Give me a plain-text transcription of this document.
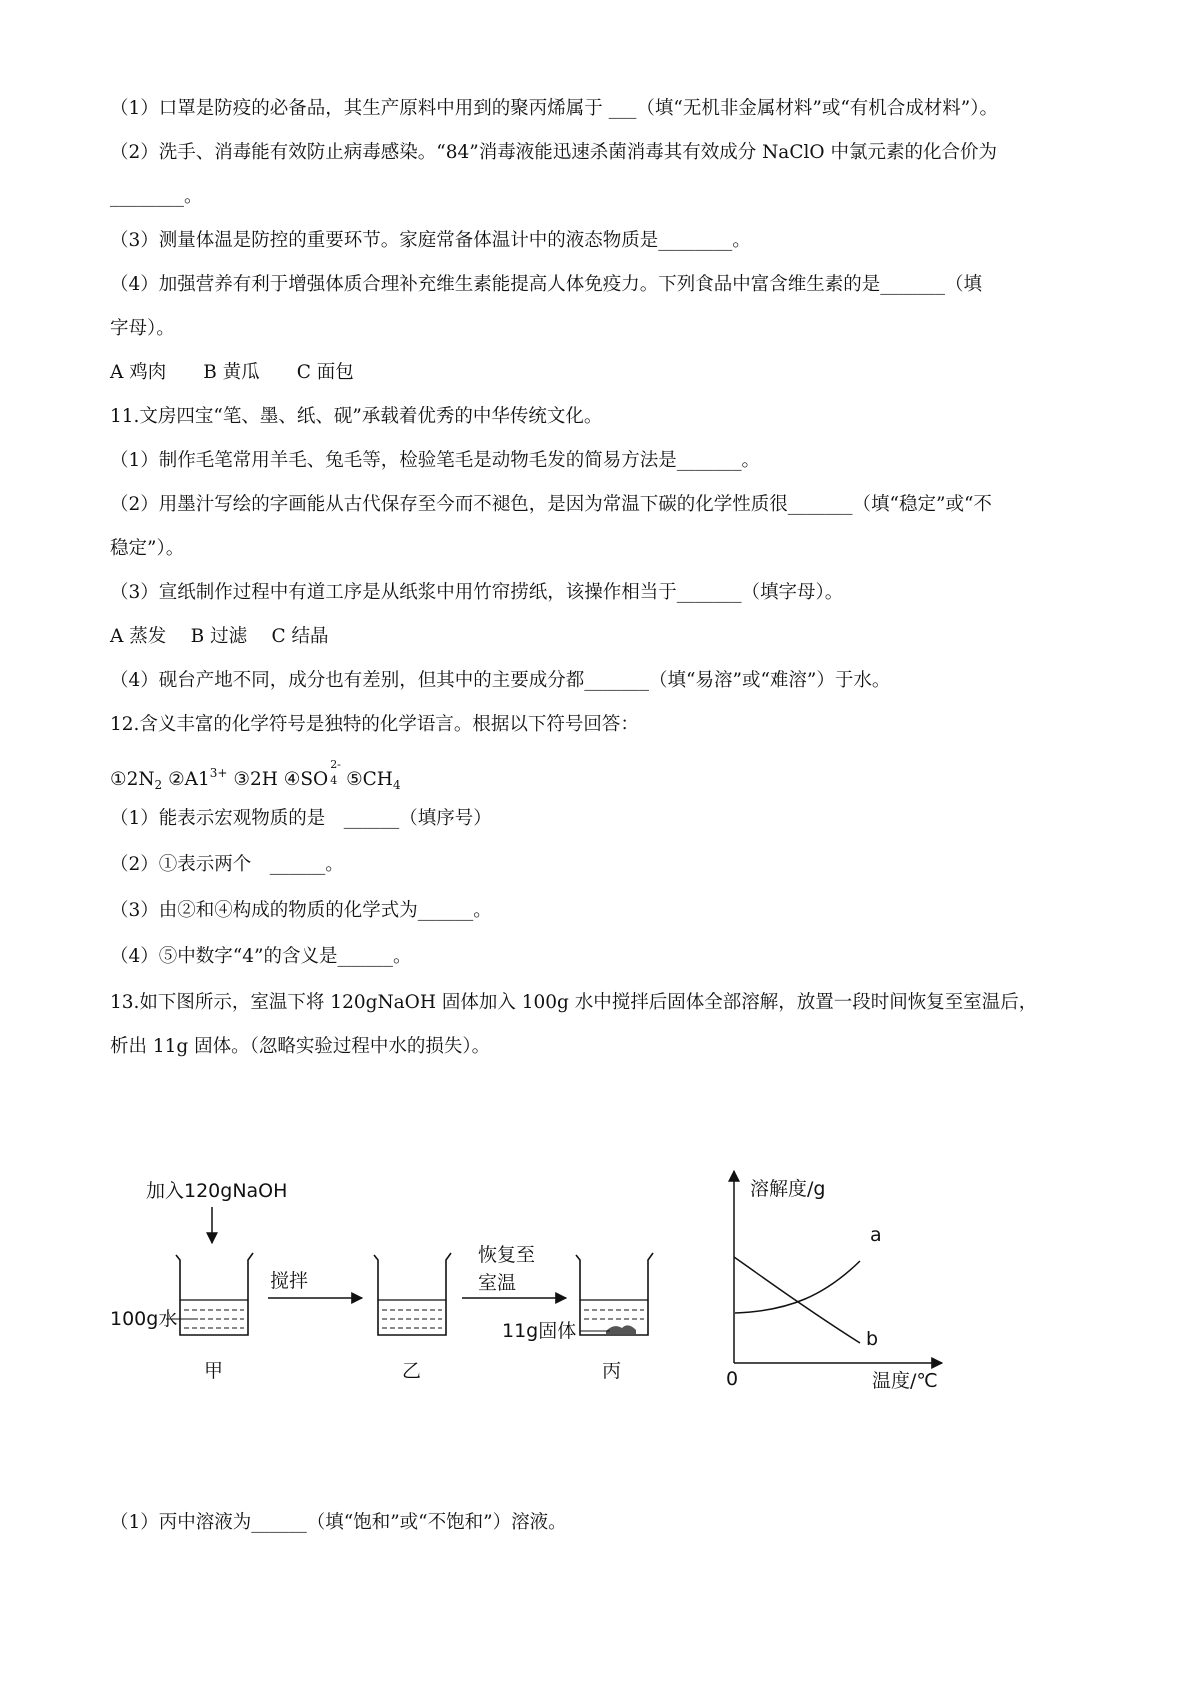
（1）口罩是防疫的必备品，其生产原料中用到的聚丙烯属于 ___（填“无机非金属材料”或“有机合成材料”）。
（2）洗手、消毒能有效防止病毒感染。“84”消毒液能迅速杀菌消毒其有效成分 NaClO 中氯元素的化合价为
________。
（3）测量体温是防控的重要环节。家庭常备体温计中的液态物质是________。
（4）加强营养有利于增强体质合理补充维生素能提高人体免疫力。下列食品中富含维生素的是_______（填
字母）。
A 鸡肉　　B 黄瓜　　C 面包
11.文房四宝“笔、墨、纸、砚”承载着优秀的中华传统文化。
（1）制作毛笔常用羊毛、兔毛等，检验笔毛是动物毛发的简易方法是_______。
（2）用墨汁写绘的字画能从古代保存至今而不褪色，是因为常温下碳的化学性质很_______（填“稳定”或“不
稳定”）。
（3）宣纸制作过程中有道工序是从纸浆中用竹帘捞纸，该操作相当于_______（填字母）。
A 蒸发　 B 过滤　 C 结晶
（4）砚台产地不同，成分也有差别，但其中的主要成分都_______（填“易溶”或“难溶”）于水。
12.含义丰富的化学符号是独特的化学语言。根据以下符号回答：
$①2N_2$ $②A1^{3+}$ ③2H ④SO
2-
4 $⑤CH_4$
（1）能表示宏观物质的是　______（填序号）
（2）①表示两个　______。
（3）由②和④构成的物质的化学式为______。
（4）⑤中数字“4”的含义是______。
13.如下图所示，室温下将 120gNaOH 固体加入 100g 水中搅拌后固体全部溶解，放置一段时间恢复至室温后，
析出 11g 固体。（忽略实验过程中水的损失）。
加入120gNaOH
100g水
甲
搅拌
乙
恢复至
室温
11g固体
丙
溶解度/g
温度/℃
0
a
b
（1）丙中溶液为______（填“饱和”或“不饱和”）溶液。
